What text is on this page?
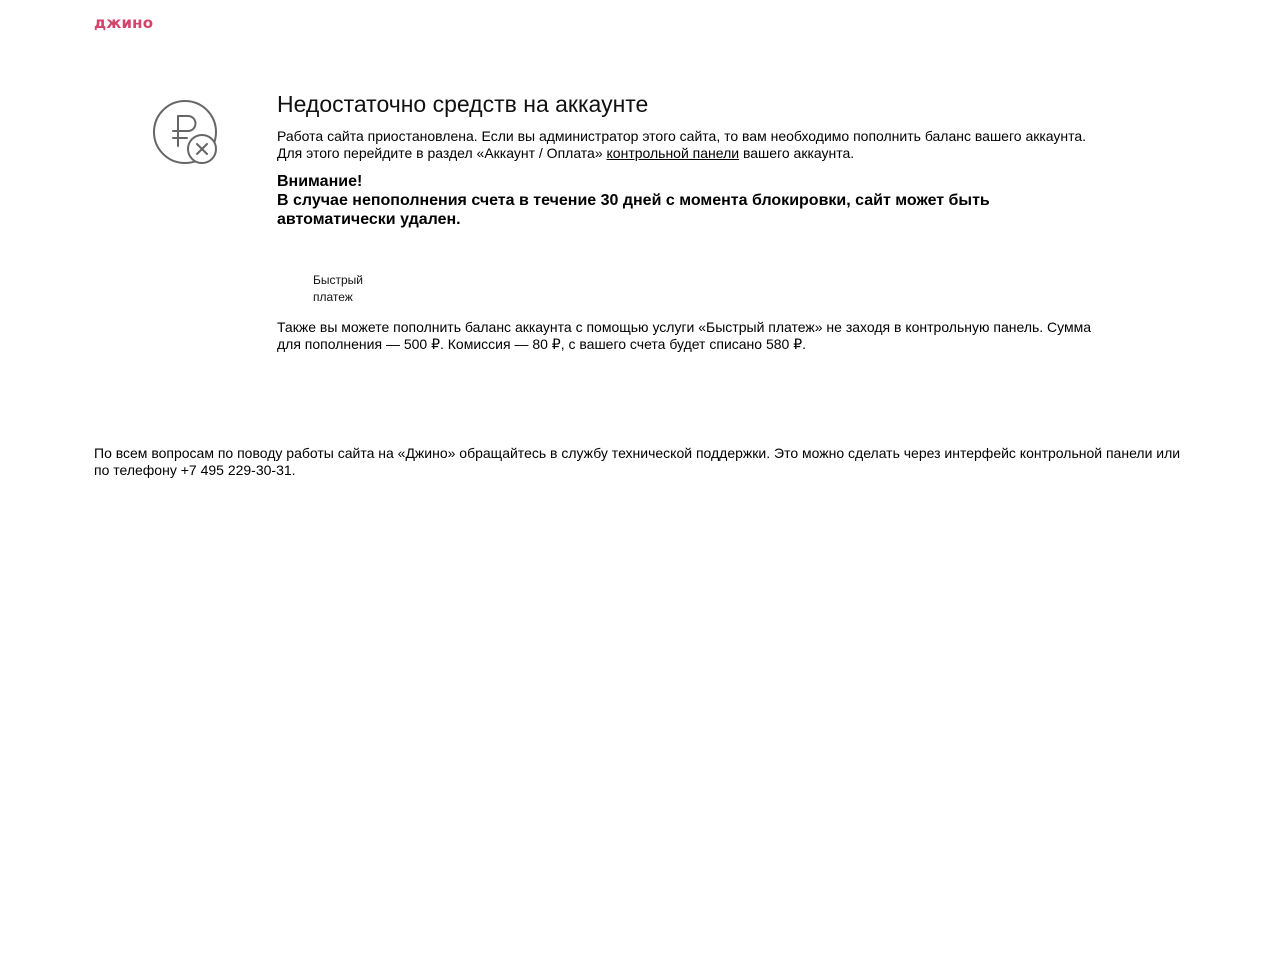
джино
Недостаточно средств на аккаунте

Работа сайта приостановлена. Если вы администратор этого сайта, то вам необходимо пополнить баланс вашего аккаунта. Для этого перейдите в раздел «Аккаунт / Оплата» контрольной панели вашего аккаунта.

Внимание!
В случае непополнения счета в течение 30 дней с момента блокировки, сайт может быть автоматически удален.
Быстрый платеж

Также вы можете пополнить баланс аккаунта с помощью услуги «Быстрый платеж» не заходя в контрольную панель. Сумма для пополнения — 500 ₽. Комиссия — 80 ₽, с вашего счета будет списано 580 ₽.

По всем вопросам по поводу работы сайта на «Джино» обращайтесь в службу технической поддержки. Это можно сделать через интерфейс контрольной панели или по телефону +7 495 229-30-31.
